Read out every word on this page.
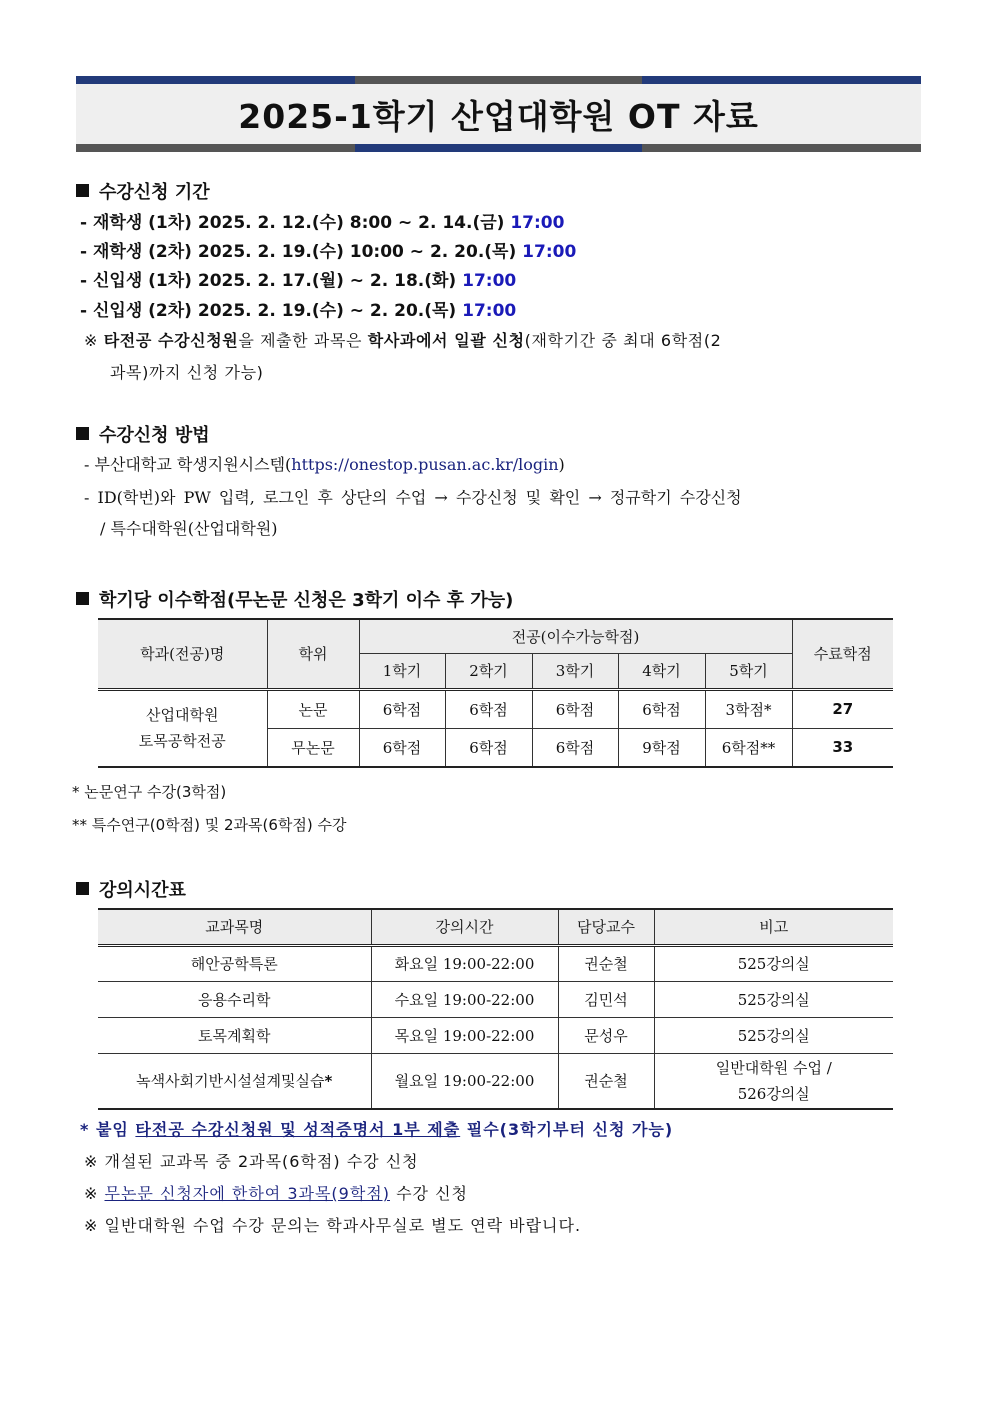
2025-1학기 산업대학원 OT 자료
수강신청 기간
- 재학생 (1차) 2025. 2. 12.(수) 8:00 ~ 2. 14.(금) 17:00
- 재학생 (2차) 2025. 2. 19.(수) 10:00 ~ 2. 20.(목) 17:00
- 신입생 (1차) 2025. 2. 17.(월) ~ 2. 18.(화) 17:00
- 신입생 (2차) 2025. 2. 19.(수) ~ 2. 20.(목) 17:00
※ 타전공 수강신청원을 제출한 과목은 학사과에서 일괄 신청(재학기간 중 최대 6학점(2
과목)까지 신청 가능)
수강신청 방법
- 부산대학교 학생지원시스템(https://onestop.pusan.ac.kr/login)
- ID(학번)와 PW 입력, 로그인 후 상단의 수업 → 수강신청 및 확인 → 정규학기 수강신청
/ 특수대학원(산업대학원)
학기당 이수학점(무논문 신청은 3학기 이수 후 가능)
학과(전공)명	학위	전공(이수가능학점)					수료학점
		1학기	2학기	3학기	4학기	5학기	

산업대학원
토목공학전공	논문	6학점	6학점	6학점	6학점	3학점*	27
	무논문	6학점	6학점	6학점	9학점	6학점**	33
* 논문연구 수강(3학점)
** 특수연구(0학점) 및 2과목(6학점) 수강
강의시간표
교과목명	강의시간	담당교수	비고
해안공학특론	화요일 19:00-22:00	권순철	525강의실
응용수리학	수요일 19:00-22:00	김민석	525강의실
토목계획학	목요일 19:00-22:00	문성우	525강의실
녹색사회기반시설설계및실습*	월요일 19:00-22:00	권순철	일반대학원 수업 /
526강의실
* 붙임 타전공 수강신청원 및 성적증명서 1부 제출 필수(3학기부터 신청 가능)
※ 개설된 교과목 중 2과목(6학점) 수강 신청
※ 무논문 신청자에 한하여 3과목(9학점) 수강 신청
※ 일반대학원 수업 수강 문의는 학과사무실로 별도 연락 바랍니다.
